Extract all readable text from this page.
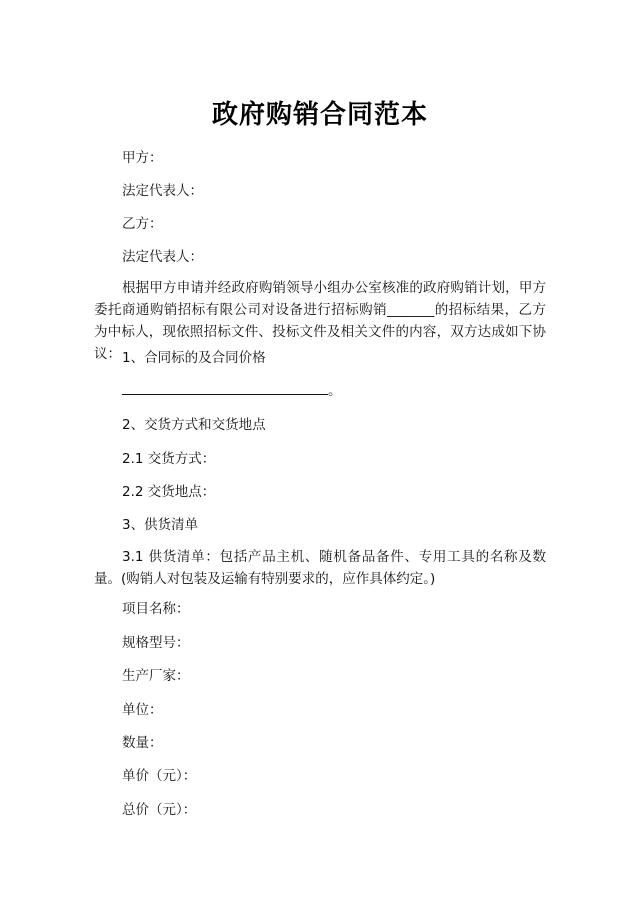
政府购销合同范本
甲方：
法定代表人：
乙方：
法定代表人：
根据甲方申请并经政府购销领导小组办公室核准的政府购销计划，甲方委托商通购销招标有限公司对设备进行招标购销_______的招标结果，乙方为中标人，现依照招标文件、投标文件及相关文件的内容，双方达成如下协议： 1、合同标的及合同价格
。
2、交货方式和交货地点
2.1 交货方式：
2.2 交货地点：
3、供货清单
3.1 供货清单：包括产品主机、随机备品备件、专用工具的名称及数量。(购销人对包装及运输有特别要求的，应作具体约定。)
项目名称：
规格型号：
生产厂家：
单位：
数量：
单价（元）：
总价（元）：
